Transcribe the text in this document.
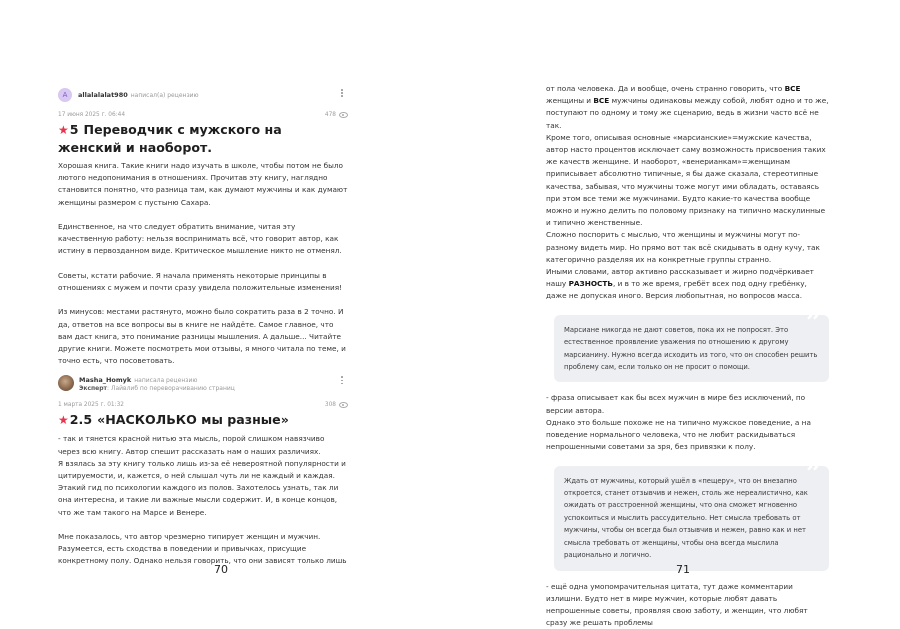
A	allalalalat980 написал(а) рецензию
17 июня 2025 г. 06:44	478
★5 Переводчик с мужского на женский и наоборот.

Хорошая книга. Такие книги надо изучать в школе, чтобы потом не было лютого недопонимания в отношениях. Прочитав эту книгу, наглядно становится понятно, что разница там, как думают мужчины и как думают женщины размером с пустыню Сахара.

Единственное, на что следует обратить внимание, читая эту качественную работу: нельзя воспринимать всё, что говорит автор, как истину в первозданном виде. Критическое мышление никто не отменял.

Советы, кстати рабочие. Я начала применять некоторые принципы в отношениях с мужем и почти сразу увидела положительные изменения!

Из минусов: местами растянуто, можно было сократить раза в 2 точно. И да, ответов на все вопросы вы в книге не найдёте. Самое главное, что вам даст книга, это понимание разницы мышления. А дальше... Читайте другие книги. Можете посмотреть мои отзывы, я много читала по теме, и точно есть, что посоветовать.

Masha_Homyk написала рецензию
Эксперт: Лайвлиб по переворачиванию страниц
1 марта 2025 г. 01:32	308
★2.5 «НАСКОЛЬКО мы разные»

- так и тянется красной нитью эта мысль, порой слишком навязчиво через всю книгу. Автор спешит рассказать нам о наших различиях.

Я взялась за эту книгу только лишь из-за её невероятной популярности и цитируемости, и, кажется, о ней слышал чуть ли не каждый и каждая. Этакий гид по психологии каждого из полов. Захотелось узнать, так ли она интересна, и такие ли важные мысли содержит. И, в конце концов, что же там такого на Марсе и Венере.

Мне показалось, что автор чрезмерно типирует женщин и мужчин. Разумеется, есть сходства в поведении и привычках, присущие конкретному полу. Однако нельзя говорить, что они зависят только лишь

70

от пола человека. Да и вообще, очень странно говорить, что ВСЕ женщины и ВСЕ мужчины одинаковы между собой, любят одно и то же, поступают по одному и тому же сценарию, ведь в жизни часто всё не так.

Кроме того, описывая основные «марсианские»=мужские качества, автор насто процентов исключает саму возможность присвоения таких же качеств женщине. И наоборот, «венерианкам»=женщинам приписывает абсолютно типичные, я бы даже сказала, стереотипные качества, забывая, что мужчины тоже могут ими обладать, оставаясь при этом все теми же мужчинами. Будто какие-то качества вообще можно и нужно делить по половому признаку на типично маскулинные и типично женственные.

Сложно поспорить с мыслью, что женщины и мужчины могут по-разному видеть мир. Но прямо вот так всё скидывать в одну кучу, так категорично разделяя их на конкретные группы странно.

Иными словами, автор активно рассказывает и жирно подчёркивает нашу РАЗНОСТЬ, и в то же время, гребёт всех под одну гребёнку, даже не допуская иного. Версия любопытная, но вопросов масса.

”
Марсиане никогда не дают советов, пока их не попросят. Это естественное проявление уважения по отношению к другому марсианину. Нужно всегда исходить из того, что он способен решить проблему сам, если только он не просит о помощи.

- фраза описывает как бы всех мужчин в мире без исключений, по версии автора.

Однако это больше похоже не на типично мужское поведение, а на поведение нормального человека, что не любит раскидываться непрошенными советами за зря, без привязки к полу.

”
Ждать от мужчины, который ушёл в «пещеру», что он внезапно откроется, станет отзывчив и нежен, столь же нереалистично, как ожидать от расстроенной женщины, что она сможет мгновенно успокоиться и мыслить рассудительно. Нет смысла требовать от мужчины, чтобы он всегда был отзывчив и нежен, равно как и нет смысла требовать от женщины, чтобы она всегда мыслила рационально и логично.

- ещё одна умопомрачительная цитата, тут даже комментарии излишни. Будто нет в мире мужчин, которые любят давать непрошенные советы, проявляя свою заботу, и женщин, что любят сразу же решать проблемы

71
